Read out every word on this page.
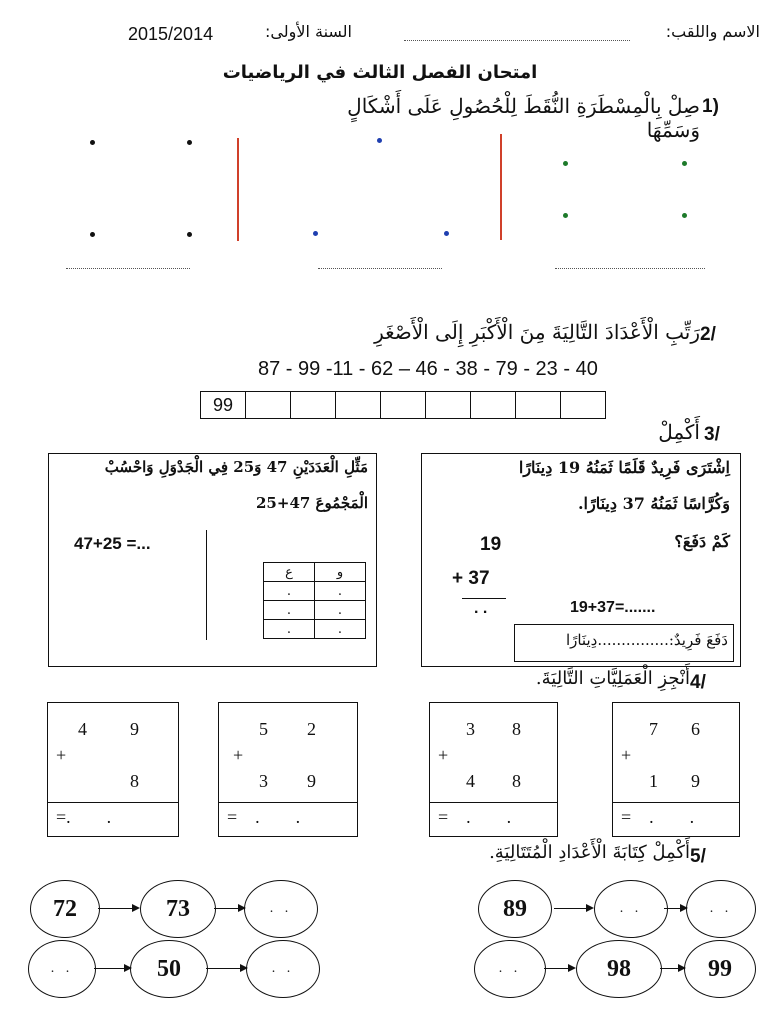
2015/2014	السنة الأولى:	الاسم واللقب:
امتحان الفصل الثالث في الرياضيات
صِلْ بِالْمِسْطَرَةِ النُّقَطَ لِلْحُصُولِ عَلَى أَشْكَالٍ وَسَمِّهَا
1)
رَتِّبِ الْأَعْدَادَ التَّالِيَةَ مِنَ الْأَكْبَرِ إِلَى الْأَصْغَرِ 2/
87 - 99 -11 - 62 – 46 - 38 - 79 - 23 - 40
99								
أَكْمِلْ 3/
اِشْتَرَى فَرِيدٌ قَلَمًا ثَمَنُهُ 19 دِينَارًا
وَكُرَّاسًا ثَمَنُهُ 37 دِينَارًا.
كَمْ دَفَعَ؟
19
+ 37
. .	19+37=.......
دَفَعَ فَرِيدٌ:...............دِينَارًا
مَثِّلِ الْعَدَدَيْنِ 47 وَ25 فِي الْجَدْوَلِ وَاحْسُبْ
الْمَجْمُوعَ 47+25
47+25 =...
ع	و
.	.
.	.
.	.
أَنْجِزِ الْعَمَلِيَّاتِ التَّالِيَةَ. 4/
4 9
+
8
=.        .
5 2
+
3 9
=    .        .
3 8
+
4 8
=    .        .
7 6
+
1 9
=    .        .
أَكْمِلْ كِتَابَةَ الْأَعْدَادِ الْمُتَتَالِيَةِ. 5/
72	73	. .
. .	50	. .
89	. .	. .
. .	98	99
